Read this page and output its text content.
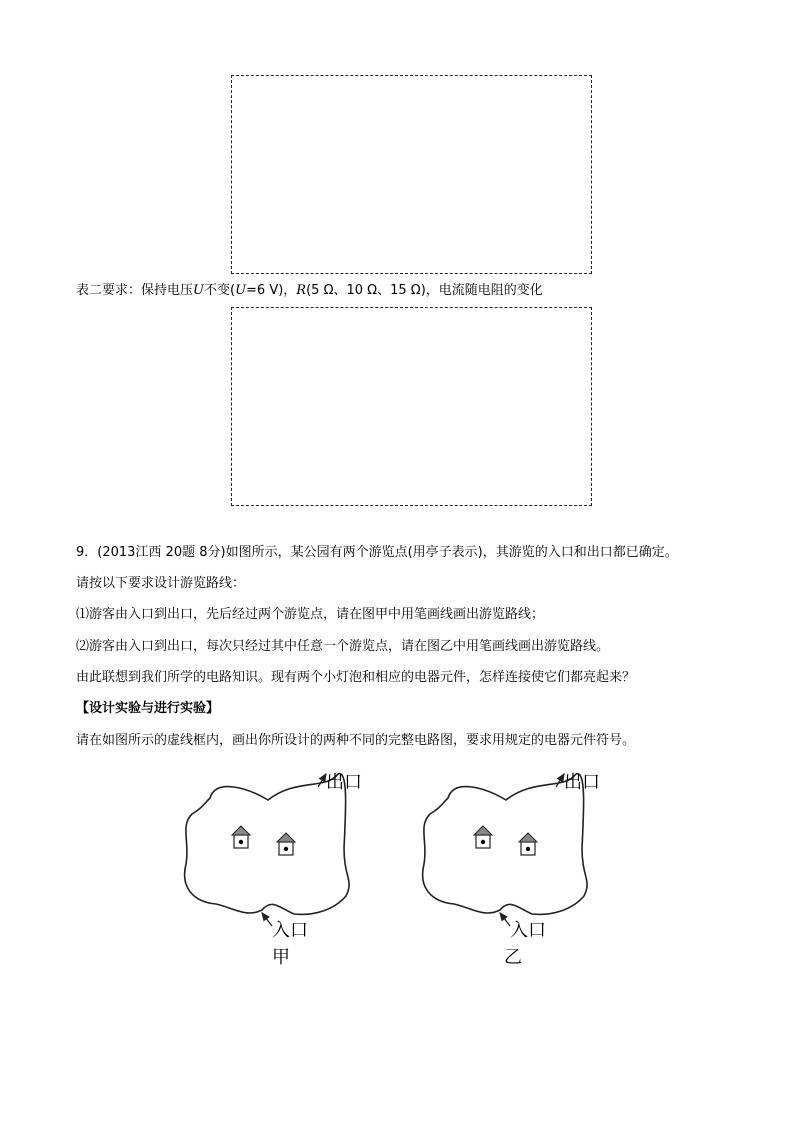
表二要求：保持电压U不变(U=6 V)，R(5 Ω、10 Ω、15 Ω)，电流随电阻的变化
9．(2013江西 20题 8分)如图所示，某公园有两个游览点(用亭子表示)，其游览的入口和出口都已确定。
请按以下要求设计游览路线：
⑴游客由入口到出口，先后经过两个游览点，请在图甲中用笔画线画出游览路线；
⑵游客由入口到出口，每次只经过其中任意一个游览点，请在图乙中用笔画线画出游览路线。
由此联想到我们所学的电路知识。现有两个小灯泡和相应的电器元件，怎样连接使它们都亮起来？
【设计实验与进行实验】
请在如图所示的虚线框内，画出你所设计的两种不同的完整电路图，要求用规定的电器元件符号。
出口
入口
甲
出口
入口
乙
